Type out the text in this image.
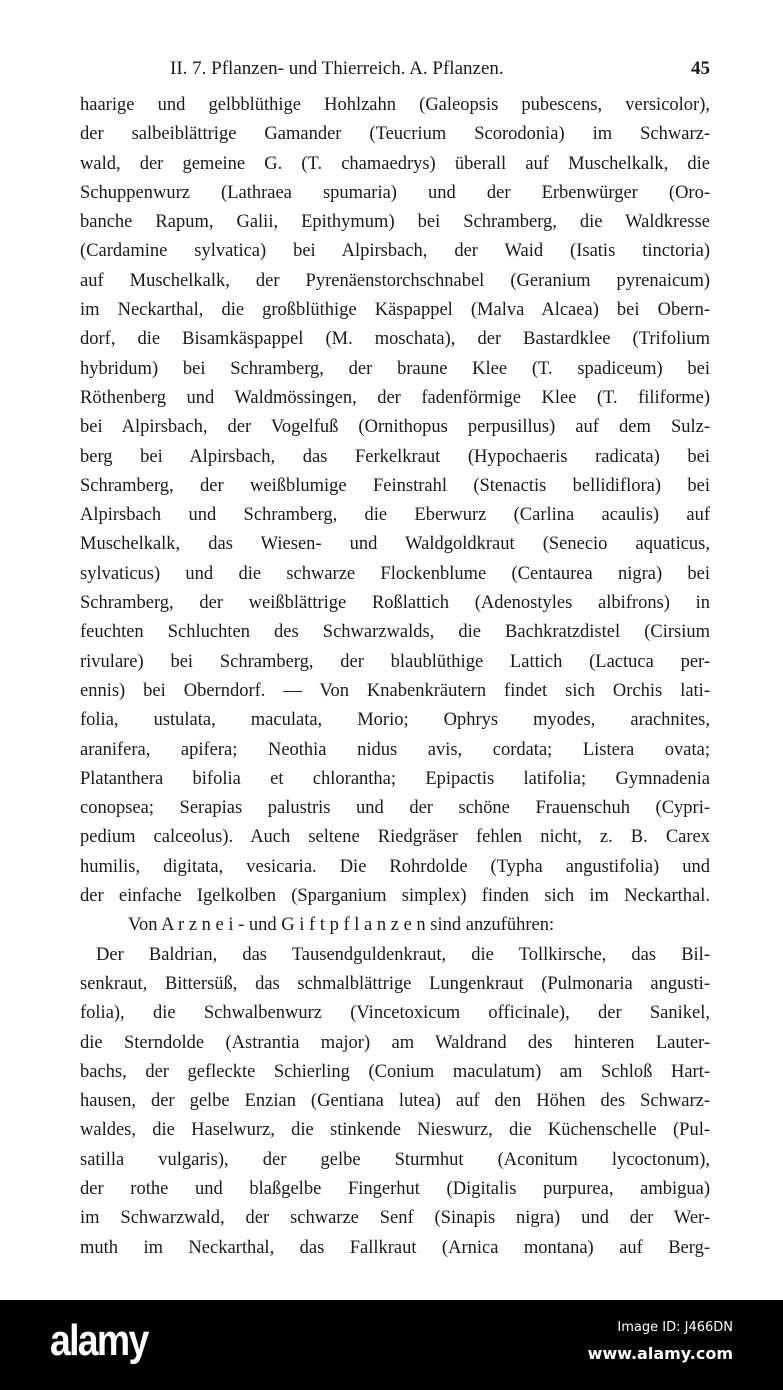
II. 7. Pflanzen- und Thierreich. A. Pflanzen.	45
haarige und gelbblüthige Hohlzahn (Galeopsis pubescens, versicolor),
der salbeiblättrige Gamander (Teucrium Scorodonia) im Schwarz-
wald, der gemeine G. (T. chamaedrys) überall auf Muschelkalk, die
Schuppenwurz (Lathraea spumaria) und der Erbenwürger (Oro-
banche Rapum, Galii, Epithymum) bei Schramberg, die Waldkresse
(Cardamine sylvatica) bei Alpirsbach, der Waid (Isatis tinctoria)
auf Muschelkalk, der Pyrenäenstorchschnabel (Geranium pyrenaicum)
im Neckarthal, die großblüthige Käspappel (Malva Alcaea) bei Obern-
dorf, die Bisamkäspappel (M. moschata), der Bastardklee (Trifolium
hybridum) bei Schramberg, der braune Klee (T. spadiceum) bei
Röthenberg und Waldmössingen, der fadenförmige Klee (T. filiforme)
bei Alpirsbach, der Vogelfuß (Ornithopus perpusillus) auf dem Sulz-
berg bei Alpirsbach, das Ferkelkraut (Hypochaeris radicata) bei
Schramberg, der weißblumige Feinstrahl (Stenactis bellidiflora) bei
Alpirsbach und Schramberg, die Eberwurz (Carlina acaulis) auf
Muschelkalk, das Wiesen- und Waldgoldkraut (Senecio aquaticus,
sylvaticus) und die schwarze Flockenblume (Centaurea nigra) bei
Schramberg, der weißblättrige Roßlattich (Adenostyles albifrons) in
feuchten Schluchten des Schwarzwalds, die Bachkratzdistel (Cirsium
rivulare) bei Schramberg, der blaublüthige Lattich (Lactuca per-
ennis) bei Oberndorf. — Von Knabenkräutern findet sich Orchis lati-
folia, ustulata, maculata, Morio; Ophrys myodes, arachnites,
aranifera, apifera; Neothia nidus avis, cordata; Listera ovata;
Platanthera bifolia et chlorantha; Epipactis latifolia; Gymnadenia
conopsea; Serapias palustris und der schöne Frauenschuh (Cypri-
pedium calceolus). Auch seltene Riedgräser fehlen nicht, z. B. Carex
humilis, digitata, vesicaria. Die Rohrdolde (Typha angustifolia) und
der einfache Igelkolben (Sparganium simplex) finden sich im Neckarthal.
Von A r z n e i - und G i f t p f l a n z e n sind anzuführen:
Der Baldrian, das Tausendguldenkraut, die Tollkirsche, das Bil-
senkraut, Bittersüß, das schmalblättrige Lungenkraut (Pulmonaria angusti-
folia), die Schwalbenwurz (Vincetoxicum officinale), der Sanikel,
die Sterndolde (Astrantia major) am Waldrand des hinteren Lauter-
bachs, der gefleckte Schierling (Conium maculatum) am Schloß Hart-
hausen, der gelbe Enzian (Gentiana lutea) auf den Höhen des Schwarz-
waldes, die Haselwurz, die stinkende Nieswurz, die Küchenschelle (Pul-
satilla vulgaris), der gelbe Sturmhut (Aconitum lycoctonum),
der rothe und blaßgelbe Fingerhut (Digitalis purpurea, ambigua)
im Schwarzwald, der schwarze Senf (Sinapis nigra) und der Wer-
muth im Neckarthal, das Fallkraut (Arnica montana) auf Berg-
alamy	Image ID: J466DN
www.alamy.com
